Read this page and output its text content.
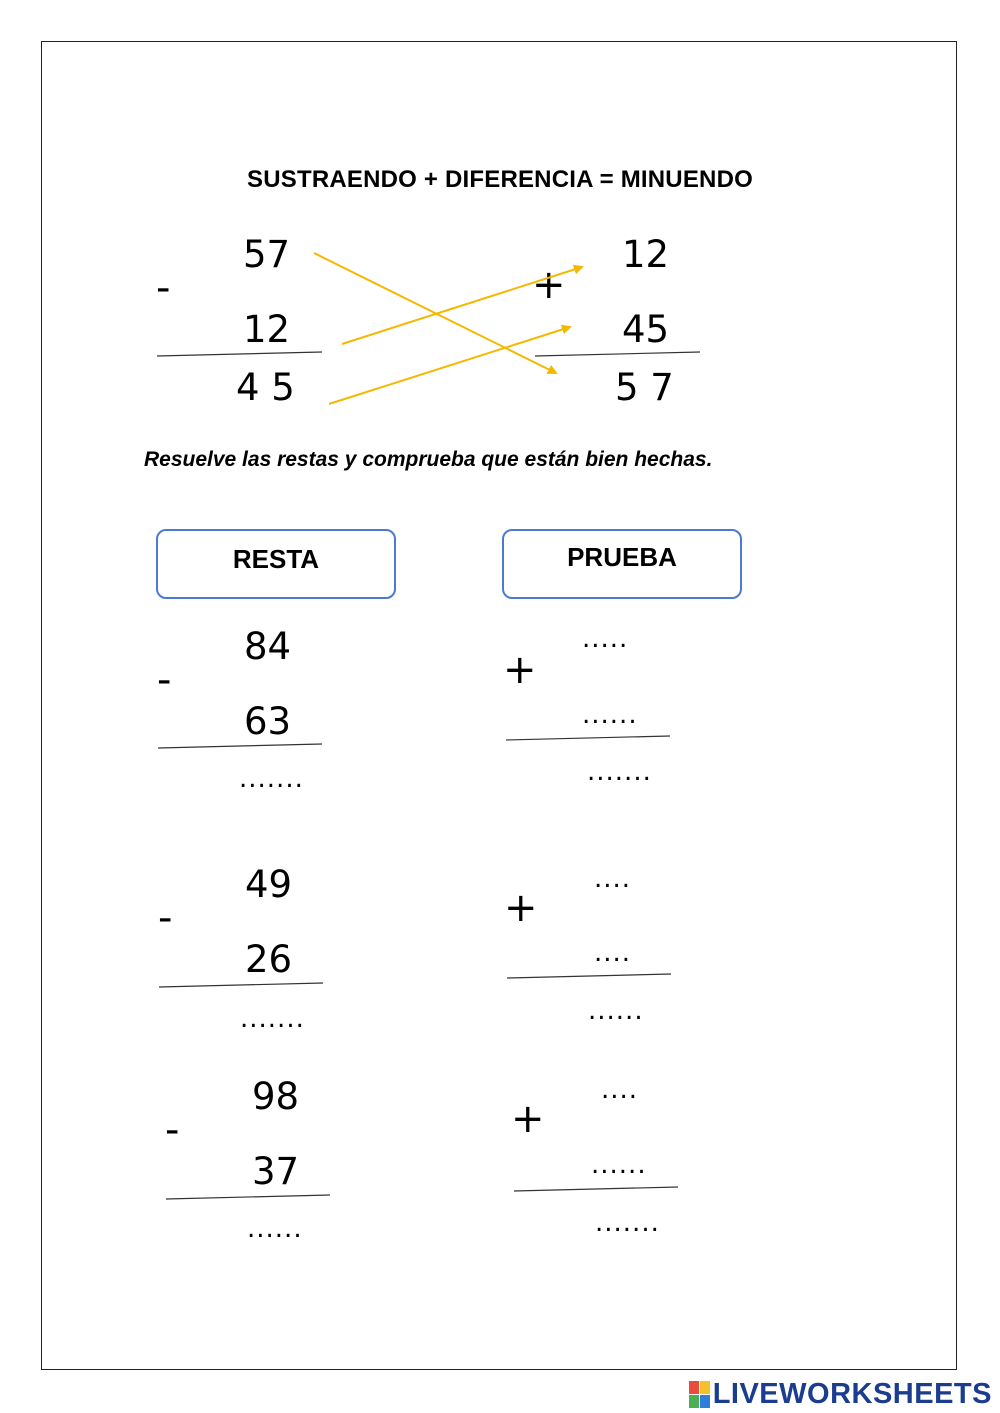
SUSTRAENDO + DIFERENCIA = MINUENDO
-
57
12
4 5
+
12
45
5 7
Resuelve las restas y comprueba que están bien hechas.
RESTA	PRUEBA
-
84
63
.......
+
.....
......
.......
-
49
26
.......
+
....
....
......
-
98
37
......
+
....
......
.......
LIVEWORKSHEETS
